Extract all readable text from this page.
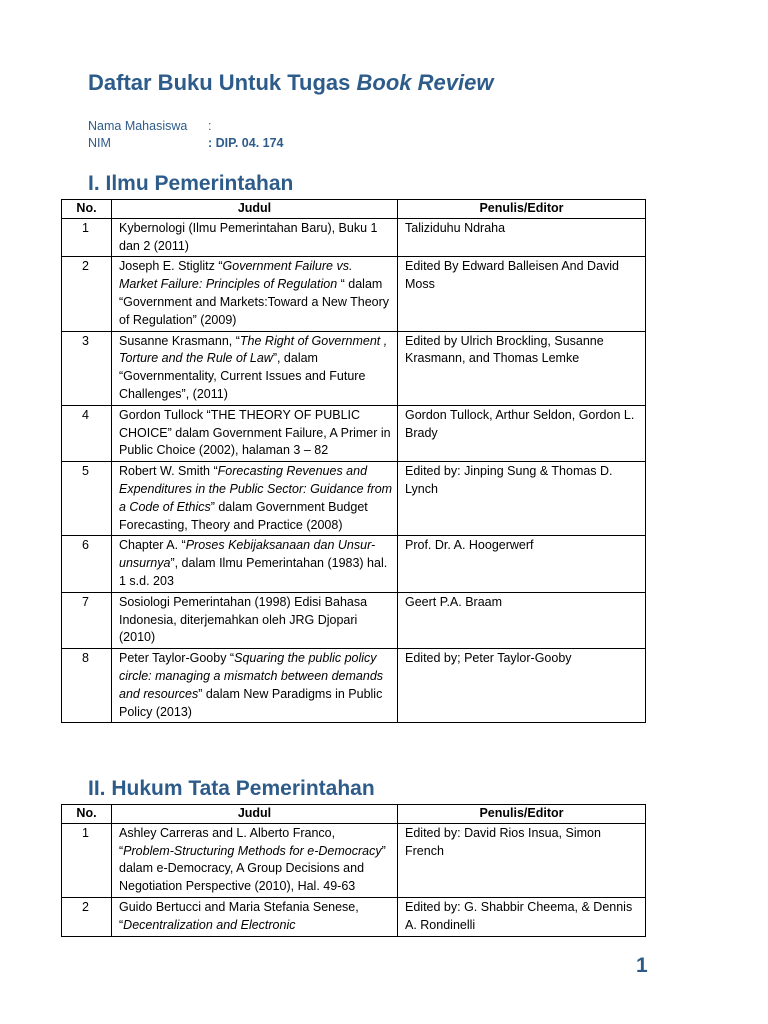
Daftar Buku Untuk Tugas Book Review
Nama Mahasiswa :
NIM	: DIP. 04. 174
I. Ilmu Pemerintahan
No.	Judul	Penulis/Editor
1	Kybernologi (Ilmu Pemerintahan Baru), Buku 1 dan 2 (2011)	Taliziduhu Ndraha
2	Joseph E. Stiglitz “Government Failure vs. Market Failure: Principles of Regulation “ dalam “Government and Markets:Toward a New Theory of Regulation” (2009)	Edited By Edward Balleisen And David Moss
3	Susanne Krasmann, “The Right of Government , Torture and the Rule of Law”, dalam “Governmentality, Current Issues and Future Challenges”, (2011)	Edited by Ulrich Brockling, Susanne Krasmann, and Thomas Lemke
4	Gordon Tullock “THE THEORY OF PUBLIC CHOICE” dalam Government Failure, A Primer in Public Choice (2002), halaman 3 – 82	Gordon Tullock, Arthur Seldon, Gordon L. Brady
5	Robert W. Smith “Forecasting Revenues and Expenditures in the Public Sector: Guidance from a Code of Ethics” dalam Government Budget Forecasting, Theory and Practice (2008)	Edited by: Jinping Sung & Thomas D. Lynch
6	Chapter A. “Proses Kebijaksanaan dan Unsur-unsurnya”, dalam Ilmu Pemerintahan (1983) hal. 1 s.d. 203	Prof. Dr. A. Hoogerwerf
7	Sosiologi Pemerintahan (1998) Edisi Bahasa Indonesia, diterjemahkan oleh JRG Djopari (2010)	Geert P.A. Braam
8	Peter Taylor-Gooby “Squaring the public policy circle: managing a mismatch between demands and resources” dalam New Paradigms in Public Policy (2013)	Edited by; Peter Taylor-Gooby
II. Hukum Tata Pemerintahan
No.	Judul	Penulis/Editor
1	Ashley Carreras and L. Alberto Franco, “Problem-Structuring Methods for e-Democracy” dalam e-Democracy, A Group Decisions and Negotiation Perspective (2010), Hal. 49-63	Edited by: David Rios Insua, Simon French
2	Guido Bertucci and Maria Stefania Senese, “Decentralization and Electronic	Edited by: G. Shabbir Cheema, & Dennis A. Rondinelli
1
